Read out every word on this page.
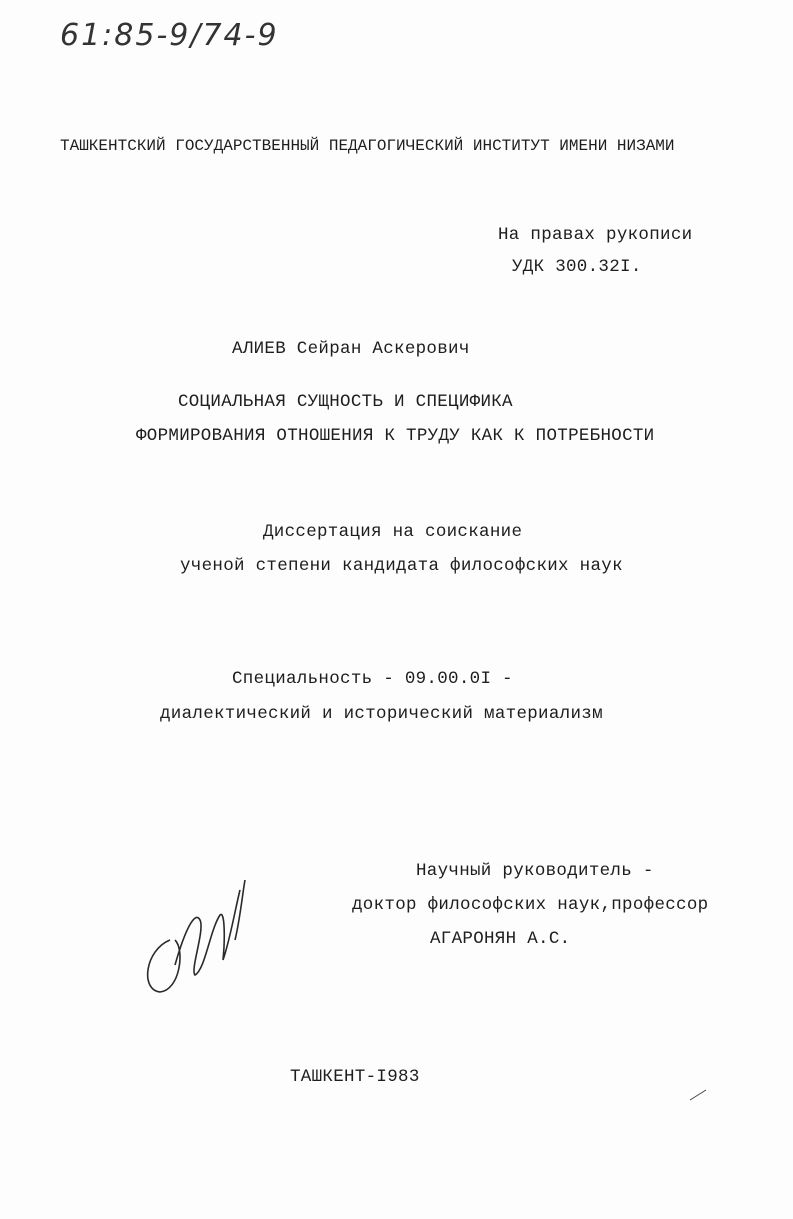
61:85-9/74-9
ТАШКЕНТСКИЙ ГОСУДАРСТВЕННЫЙ ПЕДАГОГИЧЕСКИЙ ИНСТИТУТ ИМЕНИ НИЗАМИ
На правах рукописи
УДК 300.32I.
АЛИЕВ Сейран Аскерович
СОЦИАЛЬНАЯ СУЩНОСТЬ И СПЕЦИФИКА
ФОРМИРОВАНИЯ ОТНОШЕНИЯ К ТРУДУ КАК К ПОТРЕБНОСТИ
Диссертация на соискание
ученой степени кандидата философских наук
Специальность - 09.00.0I -
диалектический и исторический материализм
Научный руководитель -
доктор философских наук,профессор
АГАРОНЯН А.С.
ТАШКЕНТ-I983
